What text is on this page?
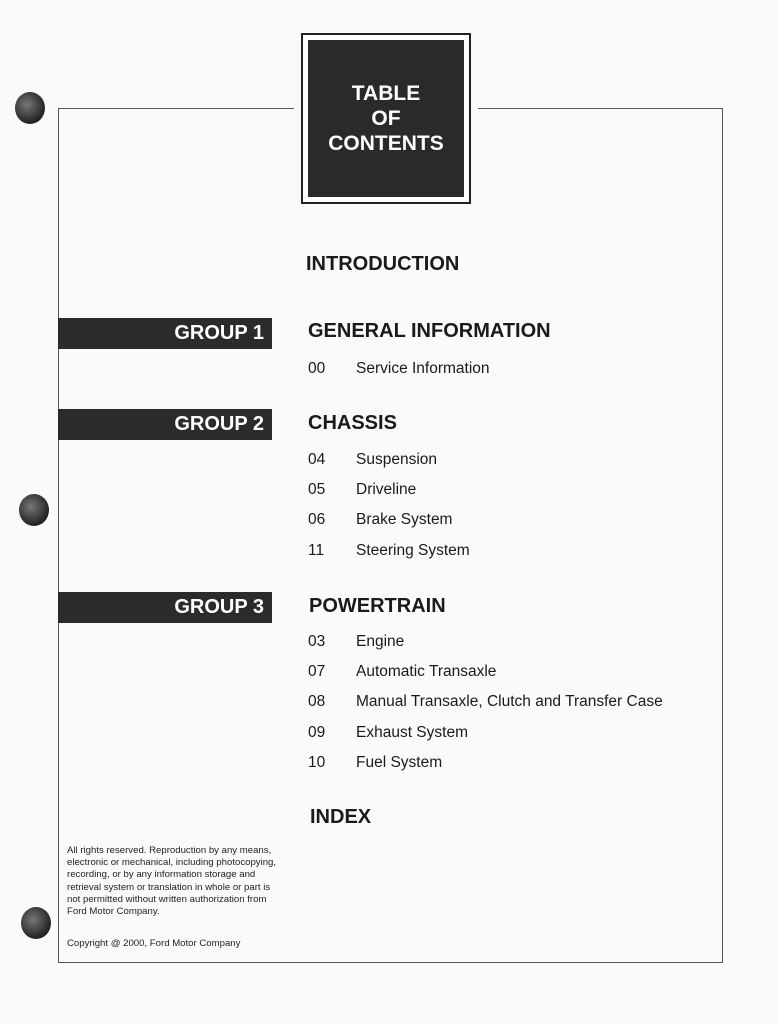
TABLE
OF
CONTENTS
INTRODUCTION
GROUP 1	GENERAL INFORMATION
00	Service Information
GROUP 2	CHASSIS
04	Suspension
05	Driveline
06	Brake System
11	Steering System
GROUP 3	POWERTRAIN
03	Engine
07	Automatic Transaxle
08	Manual Transaxle, Clutch and Transfer Case
09	Exhaust System
10	Fuel System
INDEX
All rights reserved. Reproduction by any means, electronic or mechanical, including photocopying, recording, or by any information storage and retrieval system or translation in whole or part is not permitted without written authorization from Ford Motor Company.
Copyright @ 2000, Ford Motor Company
